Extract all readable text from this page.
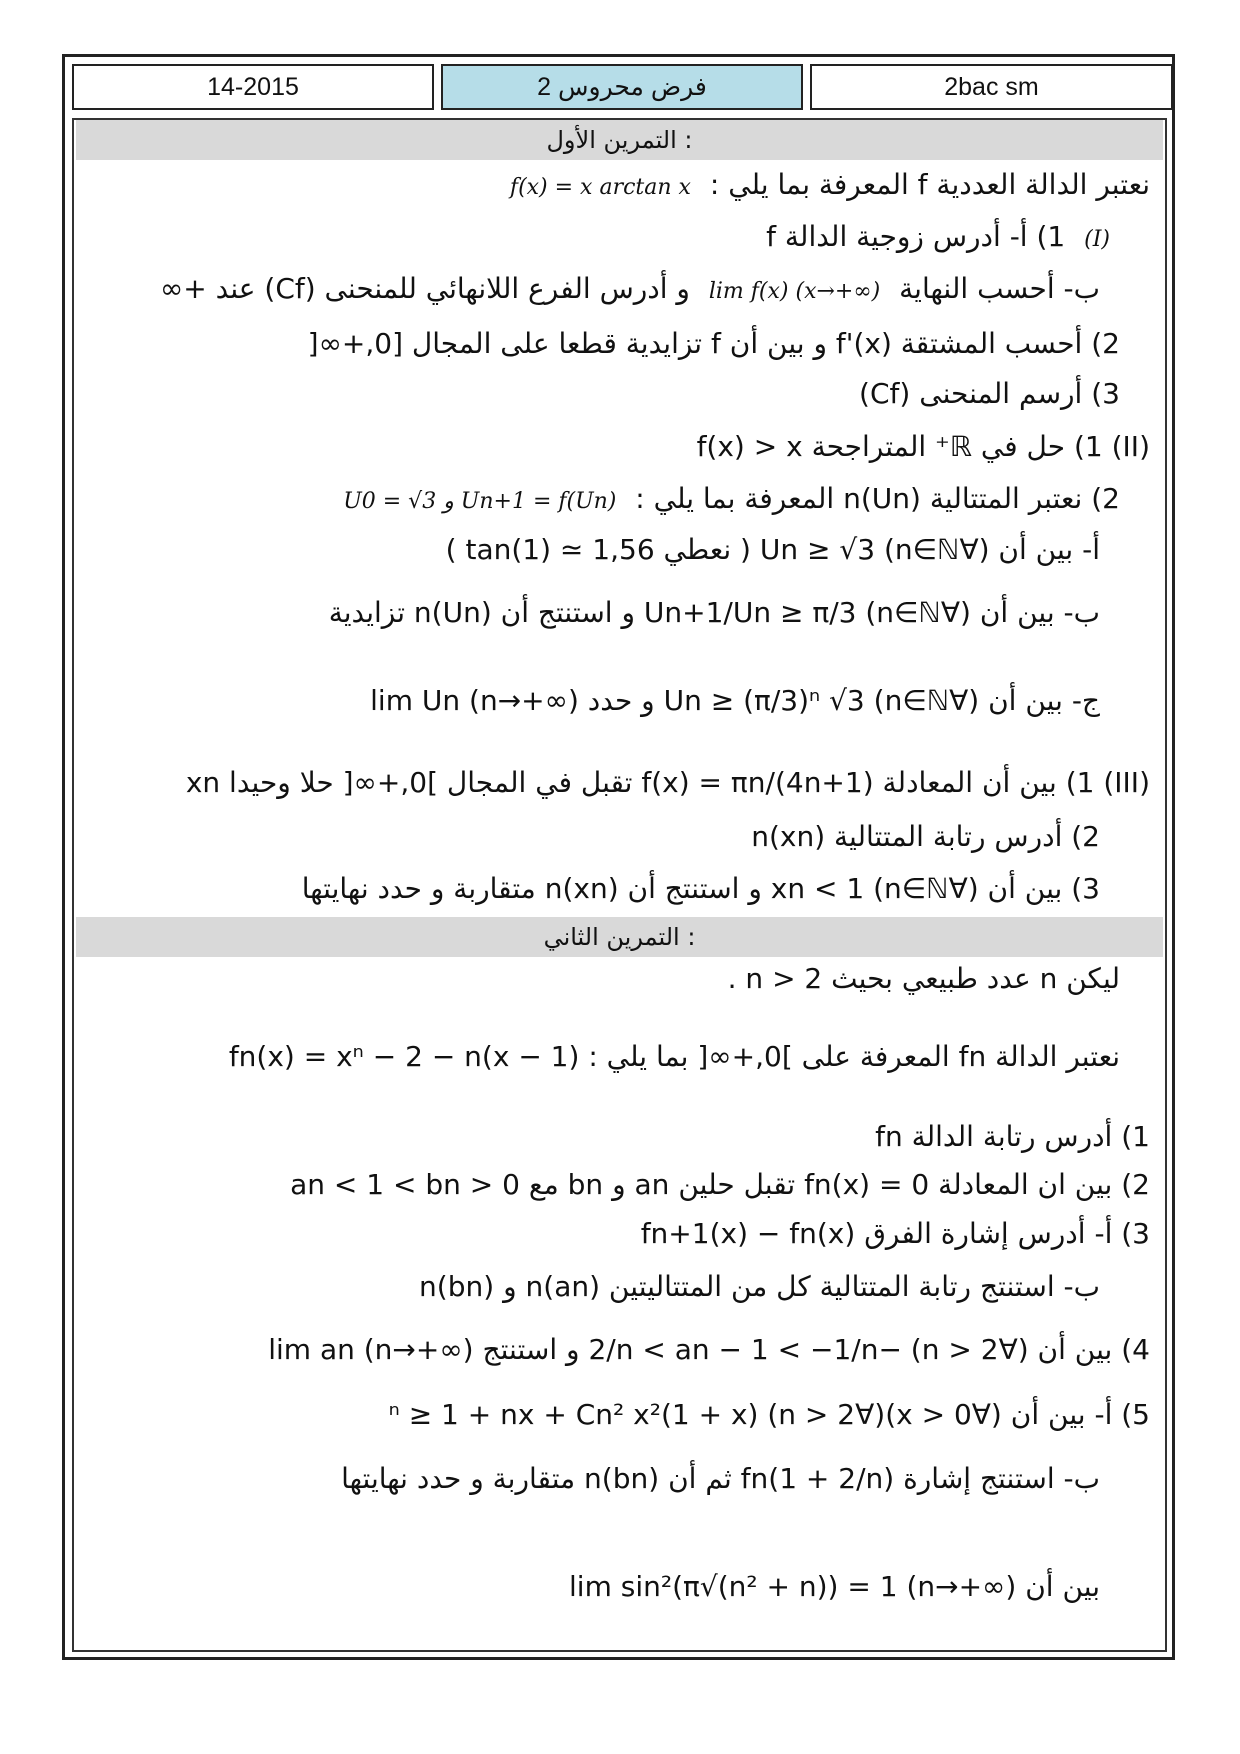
14-2015	2 فرض محروس	2bac sm
التمرين الأول :
نعتبر الدالة العددية f المعرفة بما يلي : f(x) = x arctan x
(I) 1) أ- أدرس زوجية الدالة f
ب- أحسب النهاية lim f(x) (x→+∞) و أدرس الفرع اللانهائي للمنحنى (Cf) عند +∞
2) أحسب المشتقة f'(x) و بين أن f تزايدية قطعا على المجال [0,+∞[
3) أرسم المنحنى (Cf)
(II) 1) حل في ℝ⁺ المتراجحة f(x) > x
2) نعتبر المتتالية (Un)n المعرفة بما يلي : U0 = √3 و Un+1 = f(Un)
أ- بين أن (∀n∈ℕ) Un ≥ √3 ( نعطي tan(1) ≃ 1,56 )
ب- بين أن (∀n∈ℕ) Un+1/Un ≥ π/3 و استنتج أن (Un)n تزايدية
ج- بين أن (∀n∈ℕ) Un ≥ (π/3)ⁿ √3 و حدد lim Un (n→+∞)
(III) 1) بين أن المعادلة f(x) = πn/(4n+1) تقبل في المجال ]0,+∞[ حلا وحيدا xn
2) أدرس رتابة المتتالية (xn)n
3) بين أن (∀n∈ℕ) xn < 1 و استنتج أن (xn)n متقاربة و حدد نهايتها
التمرين الثاني :
ليكن n عدد طبيعي بحيث n > 2 .
نعتبر الدالة fn المعرفة على ]0,+∞[ بما يلي : fn(x) = xⁿ − 2 − n(x − 1)
1) أدرس رتابة الدالة fn
2) بين ان المعادلة fn(x) = 0 تقبل حلين an و bn مع 0 < an < 1 < bn
3) أ- أدرس إشارة الفرق fn+1(x) − fn(x)
ب- استنتج رتابة المتتالية كل من المتتاليتين (an)n و (bn)n
4) بين أن (∀n > 2) −2/n < an − 1 < −1/n و استنتج lim an (n→+∞)
5) أ- بين أن (∀x > 0)(∀n > 2) (1 + x)ⁿ ≥ 1 + nx + Cn² x²
ب- استنتج إشارة fn(1 + 2/n) ثم أن (bn)n متقاربة و حدد نهايتها
بين أن lim sin²(π√(n² + n)) = 1 (n→+∞)
